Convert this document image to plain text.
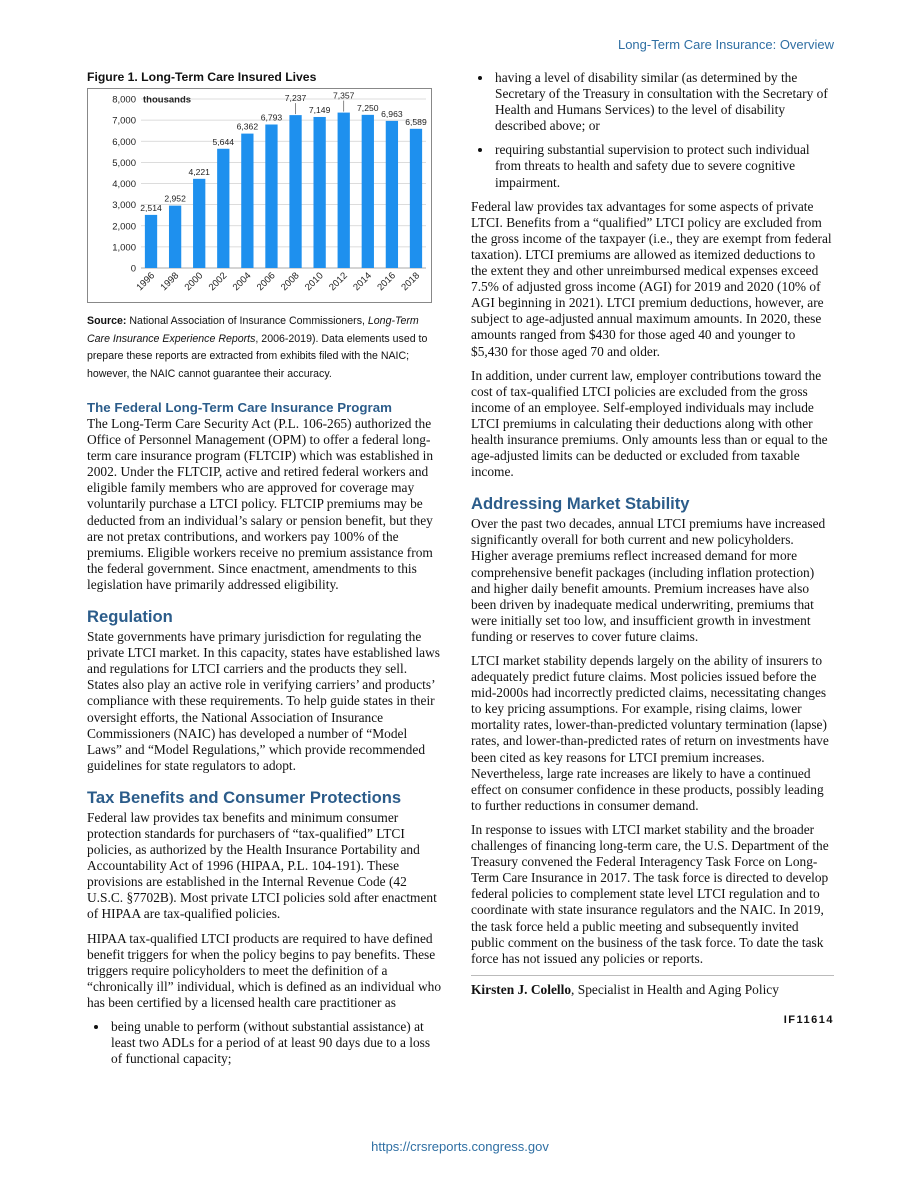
Long-Term Care Insurance: Overview
Figure 1. Long-Term Care Insured Lives
0
1,000
2,000
3,000
4,000
5,000
6,000
7,000
8,000 thousands
2,514
2,952
4,221
5,644
6,362
6,793
7,237
7,149
7,357
7,250
6,963
6,589
1996 1998 2000 2002 2004 2006 2008 2010 2012 2014 2016 2018

Source: National Association of Insurance Commissioners, Long-Term Care Insurance Experience Reports, 2006-2019). Data elements used to prepare these reports are extracted from exhibits filed with the NAIC; however, the NAIC cannot guarantee their accuracy.

The Federal Long-Term Care Insurance Program

The Long-Term Care Security Act (P.L. 106-265) authorized the Office of Personnel Management (OPM) to offer a federal long-term care insurance program (FLTCIP) which was established in 2002. Under the FLTCIP, active and retired federal workers and eligible family members who are approved for coverage may voluntarily purchase a LTCI policy. FLTCIP premiums may be deducted from an individual’s salary or pension benefit, but they are not pretax contributions, and workers pay 100% of the premiums. Eligible workers receive no premium assistance from the federal government. Since enactment, amendments to this legislation have primarily addressed eligibility.

Regulation

State governments have primary jurisdiction for regulating the private LTCI market. In this capacity, states have established laws and regulations for LTCI carriers and the products they sell. States also play an active role in verifying carriers’ and products’ compliance with these requirements. To help guide states in their oversight efforts, the National Association of Insurance Commissioners (NAIC) has developed a number of “Model Laws” and “Model Regulations,” which provide recommended guidelines for state regulators to adopt.

Tax Benefits and Consumer Protections

Federal law provides tax benefits and minimum consumer protection standards for purchasers of “tax-qualified” LTCI policies, as authorized by the Health Insurance Portability and Accountability Act of 1996 (HIPAA, P.L. 104-191). These provisions are established in the Internal Revenue Code (42 U.S.C. §7702B). Most private LTCI policies sold after enactment of HIPAA are tax-qualified policies.

HIPAA tax-qualified LTCI products are required to have defined benefit triggers for when the policy begins to pay benefits. These triggers require policyholders to meet the definition of a “chronically ill” individual, which is defined as an individual who has been certified by a licensed health care practitioner as

• being unable to perform (without substantial assistance) at least two ADLs for a period of at least 90 days due to a loss of functional capacity;
• having a level of disability similar (as determined by the Secretary of the Treasury in consultation with the Secretary of Health and Humans Services) to the level of disability described above; or
• requiring substantial supervision to protect such individual from threats to health and safety due to severe cognitive impairment.

Federal law provides tax advantages for some aspects of private LTCI. Benefits from a “qualified” LTCI policy are excluded from the gross income of the taxpayer (i.e., they are exempt from federal taxation). LTCI premiums are allowed as itemized deductions to the extent they and other unreimbursed medical expenses exceed 7.5% of adjusted gross income (AGI) for 2019 and 2020 (10% of AGI beginning in 2021). LTCI premium deductions, however, are subject to age-adjusted annual maximum amounts. In 2020, these amounts ranged from $430 for those aged 40 and younger to $5,430 for those aged 70 and older.

In addition, under current law, employer contributions toward the cost of tax-qualified LTCI policies are excluded from the gross income of an employee. Self-employed individuals may include LTCI premiums in calculating their deductions along with other health insurance premiums. Only amounts less than or equal to the age-adjusted limits can be deducted or excluded from taxable income.

Addressing Market Stability

Over the past two decades, annual LTCI premiums have increased significantly overall for both current and new policyholders. Higher average premiums reflect increased demand for more comprehensive benefit packages (including inflation protection) and higher daily benefit amounts. Premium increases have also been driven by inadequate medical underwriting, premiums that were initially set too low, and insufficient growth in investment funding or reserves to cover future claims.

LTCI market stability depends largely on the ability of insurers to adequately predict future claims. Most policies issued before the mid-2000s had incorrectly predicted claims, necessitating changes to key pricing assumptions. For example, rising claims, lower mortality rates, lower-than-predicted voluntary termination (lapse) rates, and lower-than-predicted rates of return on investments have been cited as key reasons for LTCI premium increases. Nevertheless, large rate increases are likely to have a continued effect on consumer confidence in these products, possibly leading to further reductions in consumer demand.

In response to issues with LTCI market stability and the broader challenges of financing long-term care, the U.S. Department of the Treasury convened the Federal Interagency Task Force on Long-Term Care Insurance in 2017. The task force is directed to develop federal policies to complement state level LTCI regulation and to coordinate with state insurance regulators and the NAIC. In 2019, the task force held a public meeting and subsequently invited public comment on the business of the task force. To date the task force has not issued any policies or reports.

Kirsten J. Colello, Specialist in Health and Aging Policy
IF11614
https://crsreports.congress.gov
